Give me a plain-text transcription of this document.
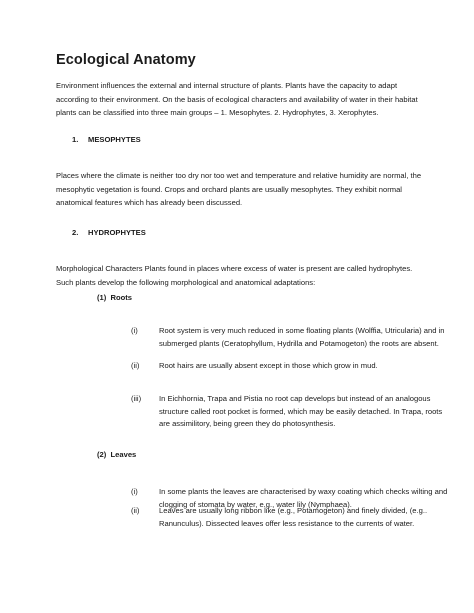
Ecological Anatomy
Environment influences the external and internal structure of plants. Plants have the capacity to adapt according to their environment. On the basis of ecological characters and availability of water in their habitat plants can be classified into three main groups – 1. Mesophytes. 2. Hydrophytes, 3. Xerophytes.
1. MESOPHYTES
Places where the climate is neither too dry nor too wet and temperature and relative humidity are normal, the mesophytic vegetation is found. Crops and orchard plants are usually mesophytes. They exhibit normal anatomical features which has already been discussed.
2. HYDROPHYTES
Morphological Characters Plants found in places where excess of water is present are called hydrophytes. Such plants develop the following morphological and anatomical adaptations:
(1) Roots
(i)	Root system is very much reduced in some floating plants (Wolffia, Utricularia) and in submerged plants (Ceratophyllum, Hydrilla and Potamogeton) the roots are absent.
(ii)	Root hairs are usually absent except in those which grow in mud.
(iii)	In Eichhornia, Trapa and Pistia no root cap develops but instead of an analogous structure called root pocket is formed, which may be easily detached. In Trapa, roots are assimilitory, being green they do photosynthesis.
(2) Leaves
(i)	In some plants the leaves are characterised by waxy coating which checks wilting and clogging of stomata by water, e.g., water lily (Nymphaea).
(ii)	Leaves are usually long ribbon like (e.g., Potamogeton) and finely divided, (e.g.. Ranunculus). Dissected leaves offer less resistance to the currents of water.
